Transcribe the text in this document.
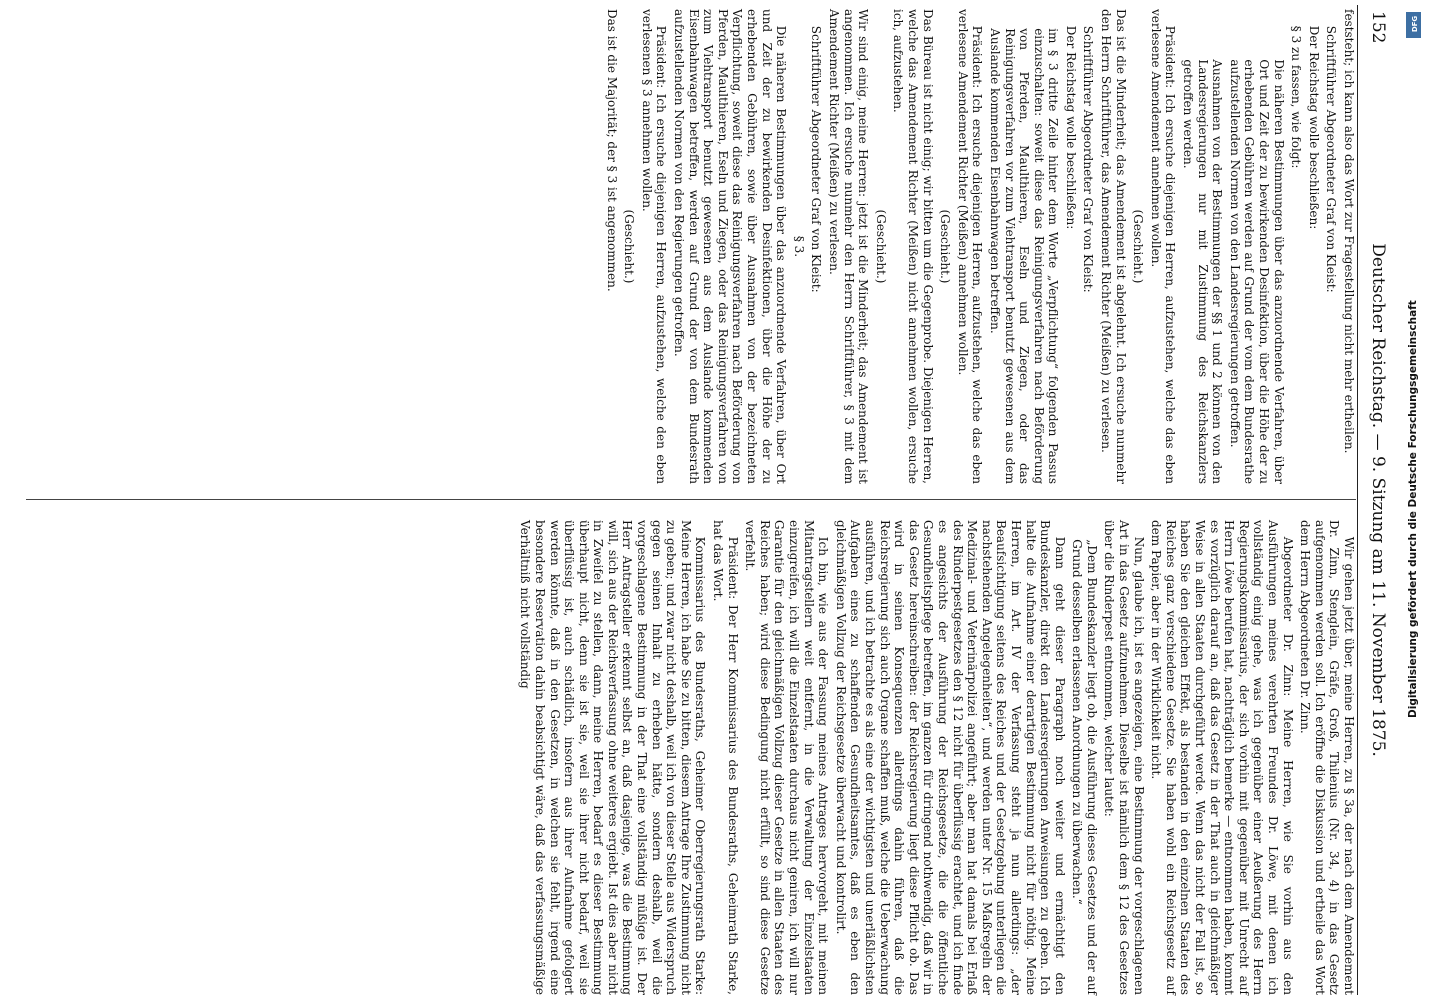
152
Deutscher Reichstag. — 9. Sitzung am 11. November 1875.

feststeht; ich kann also das Wort zur Fragestellung nicht mehr ertheilen.

Schriftführer Abgeordneter Graf von Kleist:

Der Reichstag wolle beschließen:

§ 3 zu fassen, wie folgt:

Die näheren Bestimmungen über das anzuordnende Verfahren, über Ort und Zeit der zu bewirkenden Desinfektion, über die Höhe der zu erhebenden Gebühren werden auf Grund der vom dem Bundesrathe aufzustellenden Normen von den Landesregierungen getroffen.

Ausnahmen von der Bestimmungen der §§ 1 und 2 können von den Landesregierungen nur mit Zustimmung des Reichskanzlers getroffen werden.

Präsident: Ich ersuche diejenigen Herren, aufzustehen, welche das eben verlesene Amendement annehmen wollen.

(Geschieht.)

Das ist die Minderheit; das Amendement ist abgelehnt. Ich ersuche nunmehr den Herrn Schriftführer, das Amendement Richter (Meißen) zu verlesen.

Schriftführer Abgeordneter Graf von Kleist:

Der Reichstag wolle beschließen:

im § 3 dritte Zeile hinter dem Worte „Verpflichtung“ folgenden Passus einzuschalten: soweit diese das Reinigungsverfahren nach Beförderung von Pferden, Maulthieren, Eseln und Ziegen, oder das Reinigungsverfahren vor zum Viehtransport benutzt gewesenen aus dem Auslande kommenden Eisenbahnwagen betreffen.

Präsident: Ich ersuche diejenigen Herren, aufzustehen, welche das eben verlesene Amendement Richter (Meißen) annehmen wollen.

(Geschieht.)

Das Büreau ist nicht einig; wir bitten um die Gegenprobe. Diejenigen Herren, welche das Amendement Richter (Meißen) nicht annehmen wollen, ersuche ich, aufzustehen.

(Geschieht.)

Wir sind einig, meine Herren: jetzt ist die Minderheit; das Amendement ist angenommen. Ich ersuche nunmehr den Herrn Schriftführer, § 3 mit dem Amendement Richter (Meißen) zu verlesen.

Schriftführer Abgeordneter Graf von Kleist:

§ 3.

Die näheren Bestimmungen über das anzuordnende Verfahren, über Ort und Zeit der zu bewirkenden Desinfektionen, über die Höhe der zu erhebenden Gebühren, sowie über Ausnahmen von der bezeichneten Verpflichtung, soweit diese das Reinigungsverfahren nach Beförderung von Pferden, Maulthieren, Eseln und Ziegen, oder das Reinigungsverfahren von zum Viehtransport benutzt gewesenen aus dem Auslande kommenden Eisenbahnwagen betreffen, werden auf Grund der von dem Bundesrath aufzustellenden Normen von den Regierungen getroffen.

Präsident: Ich ersuche diejenigen Herren, aufzustehen, welche den eben verlesenen § 3 annehmen wollen.

(Geschieht.)

Das ist die Majorität; der § 3 ist angenommen.

Wir gehen jetzt über, meine Herren, zu § 3a, der nach dem Amendement Dr. Zinn, Stenglein, Gräfe, Groß, Thilenius (Nr. 34, 4) in das Gesetz aufgenommen werden soll. Ich eröffne die Diskussion und ertheile das Wort dem Herrn Abgeordneten Dr. Zinn.

Abgeordneter Dr. Zinn: Meine Herren, wie Sie vorhin aus den Ausführungen meines verehrten Freundes Dr. Löwe, mit denen ich vollständig einig gehe, was ich gegenüber einer Aeußerung des Herrn Regierungskommissarius, der sich vorhin mit gegenüber mit Unrecht auf Herrn Löwe berufen hat, nachträglich bemerke — entnommen haben, kommt es vorzüglich darauf an, daß das Gesetz in der That auch in gleichmäßiger Weise in allen Staaten durchgeführt werde. Wenn das nicht der Fall ist, so haben Sie den gleichen Effekt, als bestanden in den einzelnen Staaten des Reiches ganz verschiedene Gesetze. Sie haben wohl ein Reichsgesetz auf dem Papier, aber in der Wirklichkeit nicht.

Nun, glaube ich, ist es angezeigen, eine Bestimmung der vorgeschlagenen Art in das Gesetz aufzunehmen. Dieselbe ist nämlich dem § 12 des Gesetzes über die Rinderpest entnommen, welcher lautet:

„Dem Bundeskanzler liegt ob, die Ausführung dieses Gesetzes und der auf Grund desselben erlassenen Anordnungen zu überwachen.“

Dann geht dieser Paragraph noch weiter und ermächtigt den Bundeskanzler, direkt den Landesregierungen Anweisungen zu geben. Ich halte die Aufnahme einer derartigen Bestimmung nicht für nöthig. Meine Herren, im Art. IV der Verfassung steht ja nun allerdings: „der Beaufsichtigung seitens des Reiches und der Gesetzgebung unterliegen die nachstehenden Angelegenheiten“, und werden unter Nr. 15 Maßregeln der Medizinal- und Veterinärpolizei angeführt; aber man hat damals bei Erlaß des Rinderpestgesetzes den § 12 nicht für überflüssig erachtet, und ich finde es angesichts der Ausführung der Reichsgesetze, die die öffentliche Gesundheitspflege betreffen, im ganzen für dringend nothwendig, daß wir in das Gesetz hereinschreiben: der Reichsregierung liegt diese Pflicht ob. Das wird in seinen Konsequenzen allerdings dahin führen, daß die Reichsregierung sich auch Organe schaffen muß, welche die Ueberwachung ausführen, und ich betrachte es als eine der wichtigsten und unerläßlichsten Aufgaben eines zu schaffenden Gesundheitsamtes, daß es eben den gleichmäßigen Vollzug der Reichsgesetze überwacht und kontrolirt.

Ich bin, wie aus der Fassung meines Antrages hervorgeht, mit meinen Mitantragstellern weit entfernt, in die Verwaltung der Einzelstaaten einzugreifen, ich will die Einzelstaaten durchaus nicht geniren, ich will nur Garantie für den gleichmäßigen Vollzug dieser Gesetze in allen Staaten des Reiches haben; wird diese Bedingung nicht erfüllt, so sind diese Gesetze verfehlt.

Präsident: Der Herr Kommissarius des Bundesraths, Geheimrath Starke, hat das Wort.

Kommissarius des Bundesraths, Geheimer Oberregierungsrath Starke: Meine Herren, ich habe Sie zu bitten, diesem Antrage Ihre Zustimmung nicht zu geben; und zwar nicht deshalb, weil ich von dieser Stelle aus Widerspruch gegen seinen Inhalt zu erheben hätte, sondern deshalb, weil die vorgeschlagene Bestimmung in der That eine vollständig müßige ist. Der Herr Antragsteller erkennt selbst an, daß dasjenige, was die Bestimmung will, sich aus der Reichsverfassung ohne weiteres ergiebt. Ist dies aber nicht in Zweifel zu stellen, dann, meine Herren, bedarf es dieser Bestimmung überhaupt nicht, denn sie ist sie, weil sie ihrer nicht bedarf, weil sie überflüssig ist, auch schädlich, insofern aus ihrer Aufnahme gefolgert werden könnte, daß in den Gesetzen, in welchen sie fehlt, irgend eine besondere Reservation dahin beabsichtigt wäre, daß das verfassungsmäßige Verhältniß nicht vollständig

DFG
Digitalisierung gefördert durch die Deutsche Forschungsgemeinschaft
